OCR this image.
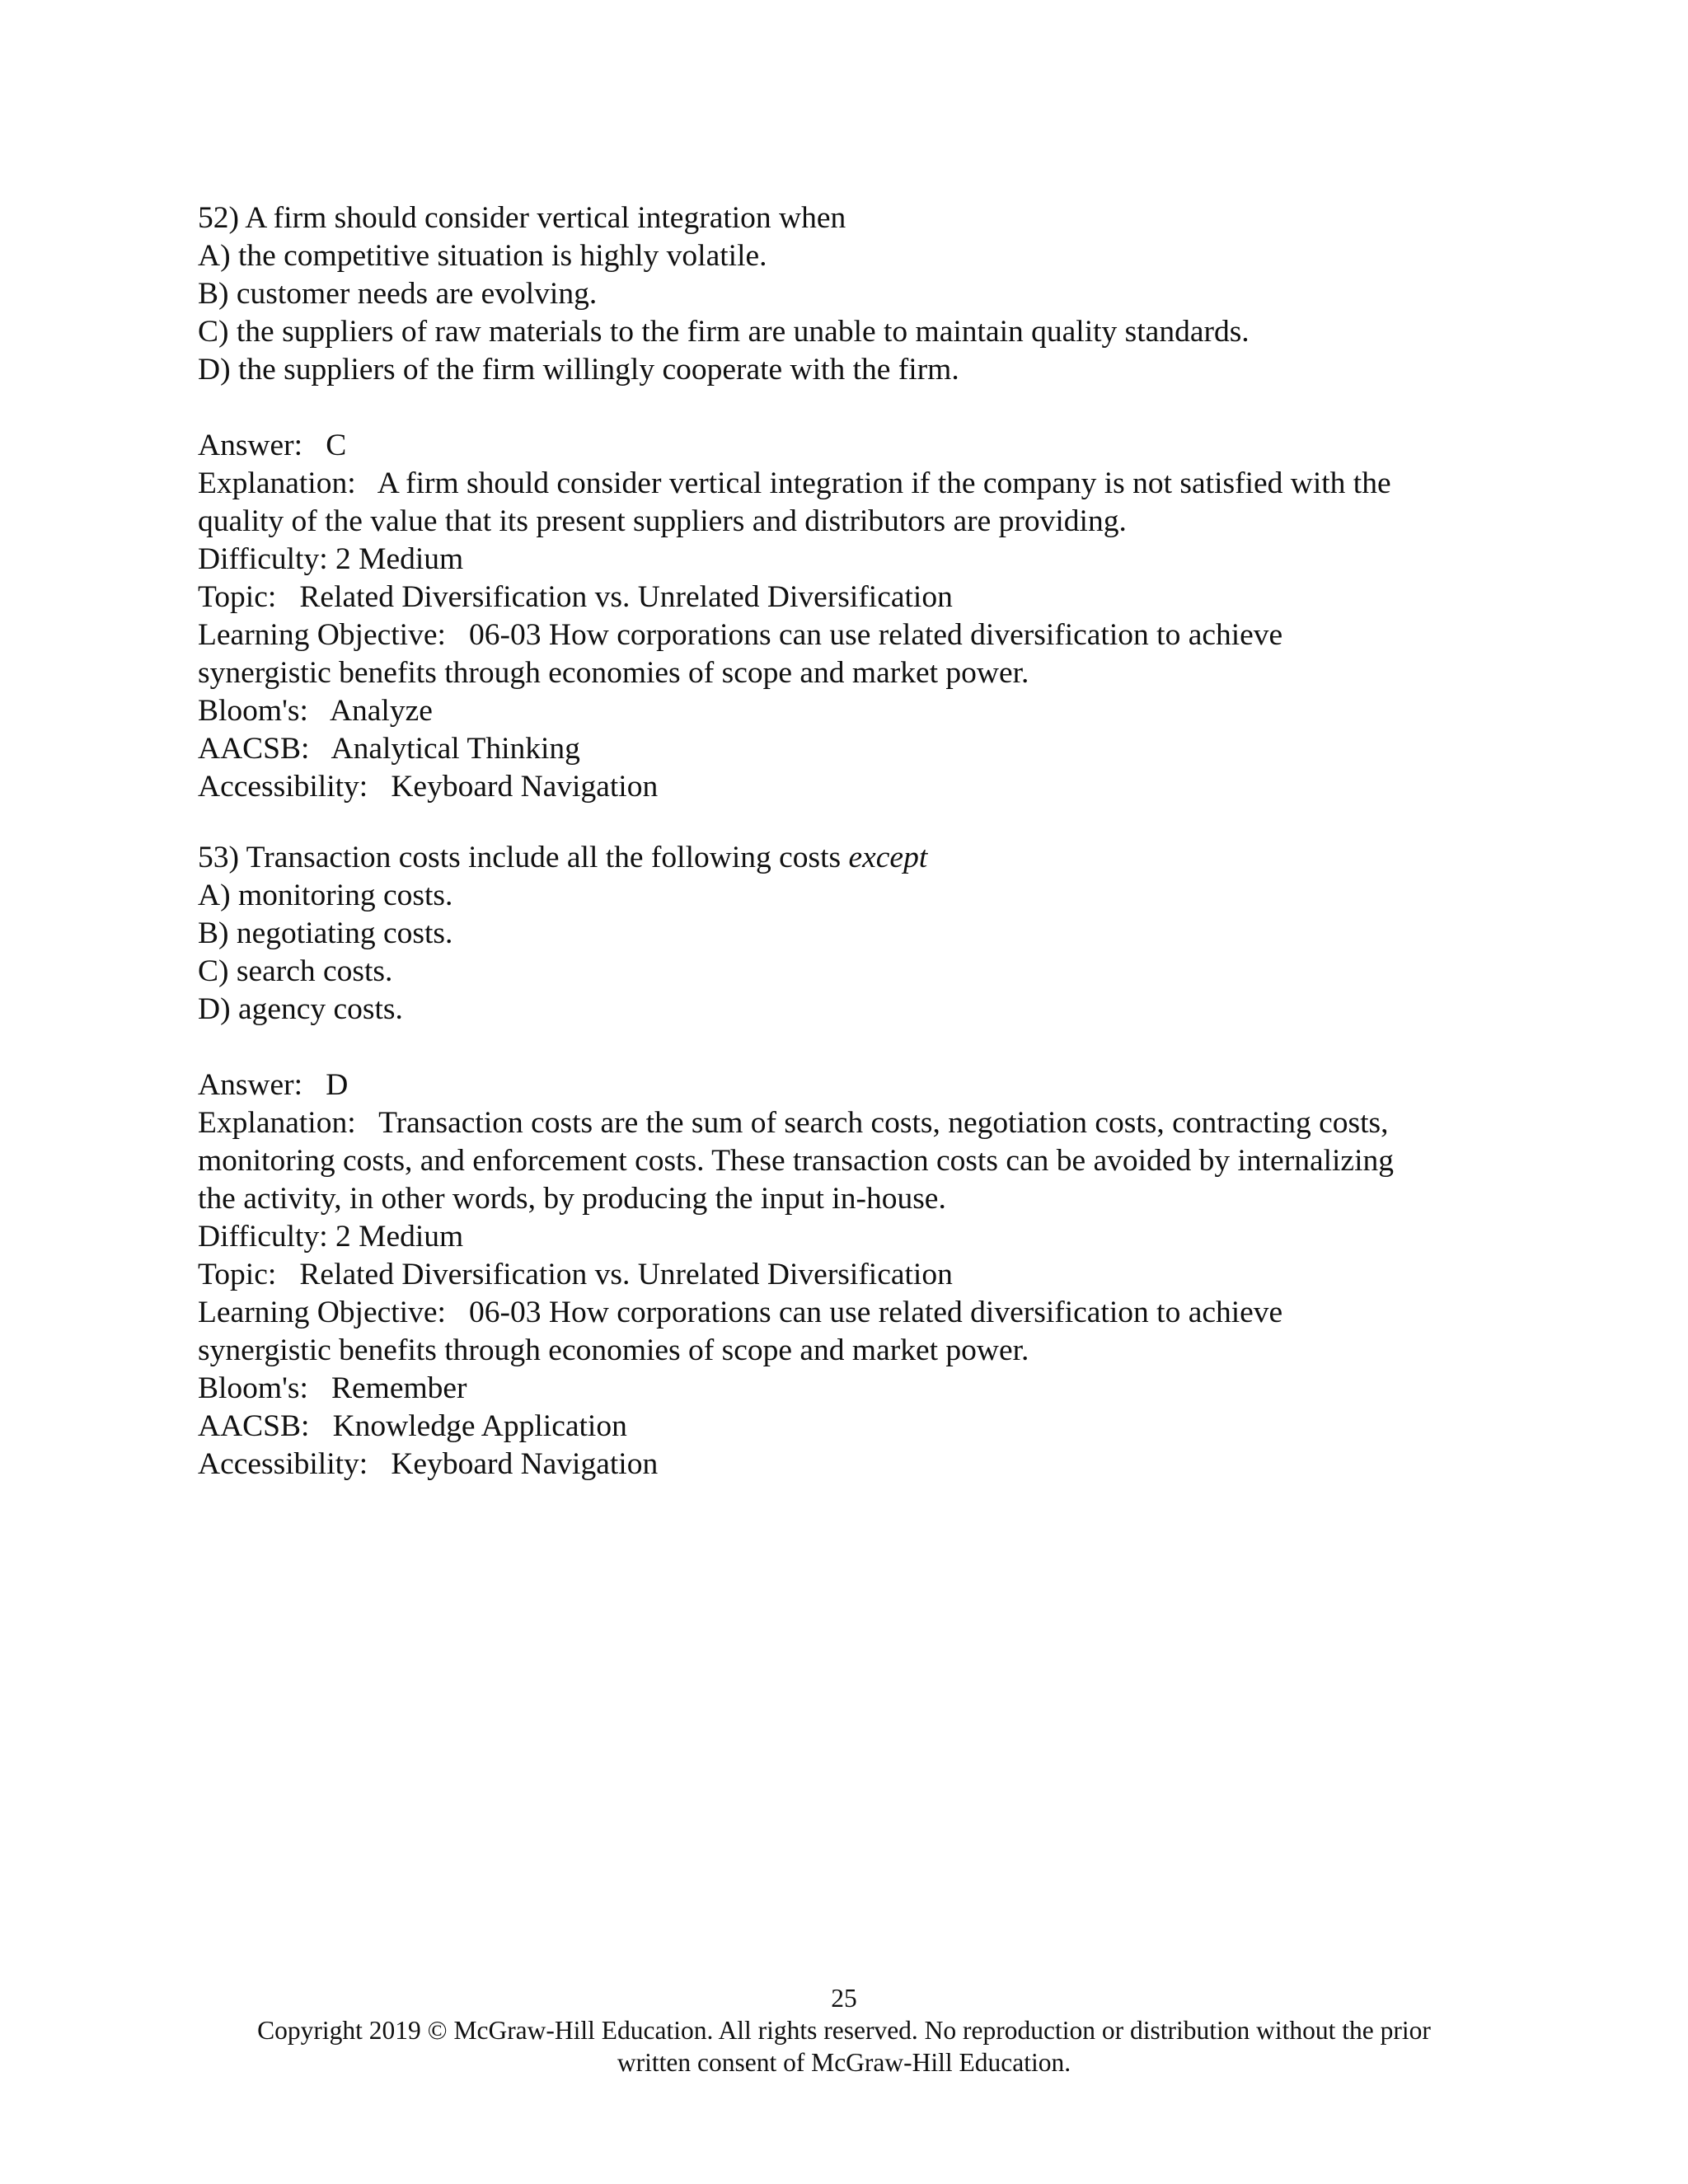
52) A firm should consider vertical integration when
A) the competitive situation is highly volatile.
B) customer needs are evolving.
C) the suppliers of raw materials to the firm are unable to maintain quality standards.
D) the suppliers of the firm willingly cooperate with the firm.
Answer: C
Explanation: A firm should consider vertical integration if the company is not satisfied with the
quality of the value that its present suppliers and distributors are providing.
Difficulty: 2 Medium
Topic: Related Diversification vs. Unrelated Diversification
Learning Objective: 06-03 How corporations can use related diversification to achieve
synergistic benefits through economies of scope and market power.
Bloom's: Analyze
AACSB: Analytical Thinking
Accessibility: Keyboard Navigation
53) Transaction costs include all the following costs except
A) monitoring costs.
B) negotiating costs.
C) search costs.
D) agency costs.
Answer: D
Explanation: Transaction costs are the sum of search costs, negotiation costs, contracting costs,
monitoring costs, and enforcement costs. These transaction costs can be avoided by internalizing
the activity, in other words, by producing the input in-house.
Difficulty: 2 Medium
Topic: Related Diversification vs. Unrelated Diversification
Learning Objective: 06-03 How corporations can use related diversification to achieve
synergistic benefits through economies of scope and market power.
Bloom's: Remember
AACSB: Knowledge Application
Accessibility: Keyboard Navigation
25
Copyright 2019 © McGraw-Hill Education. All rights reserved. No reproduction or distribution without the prior
written consent of McGraw-Hill Education.
